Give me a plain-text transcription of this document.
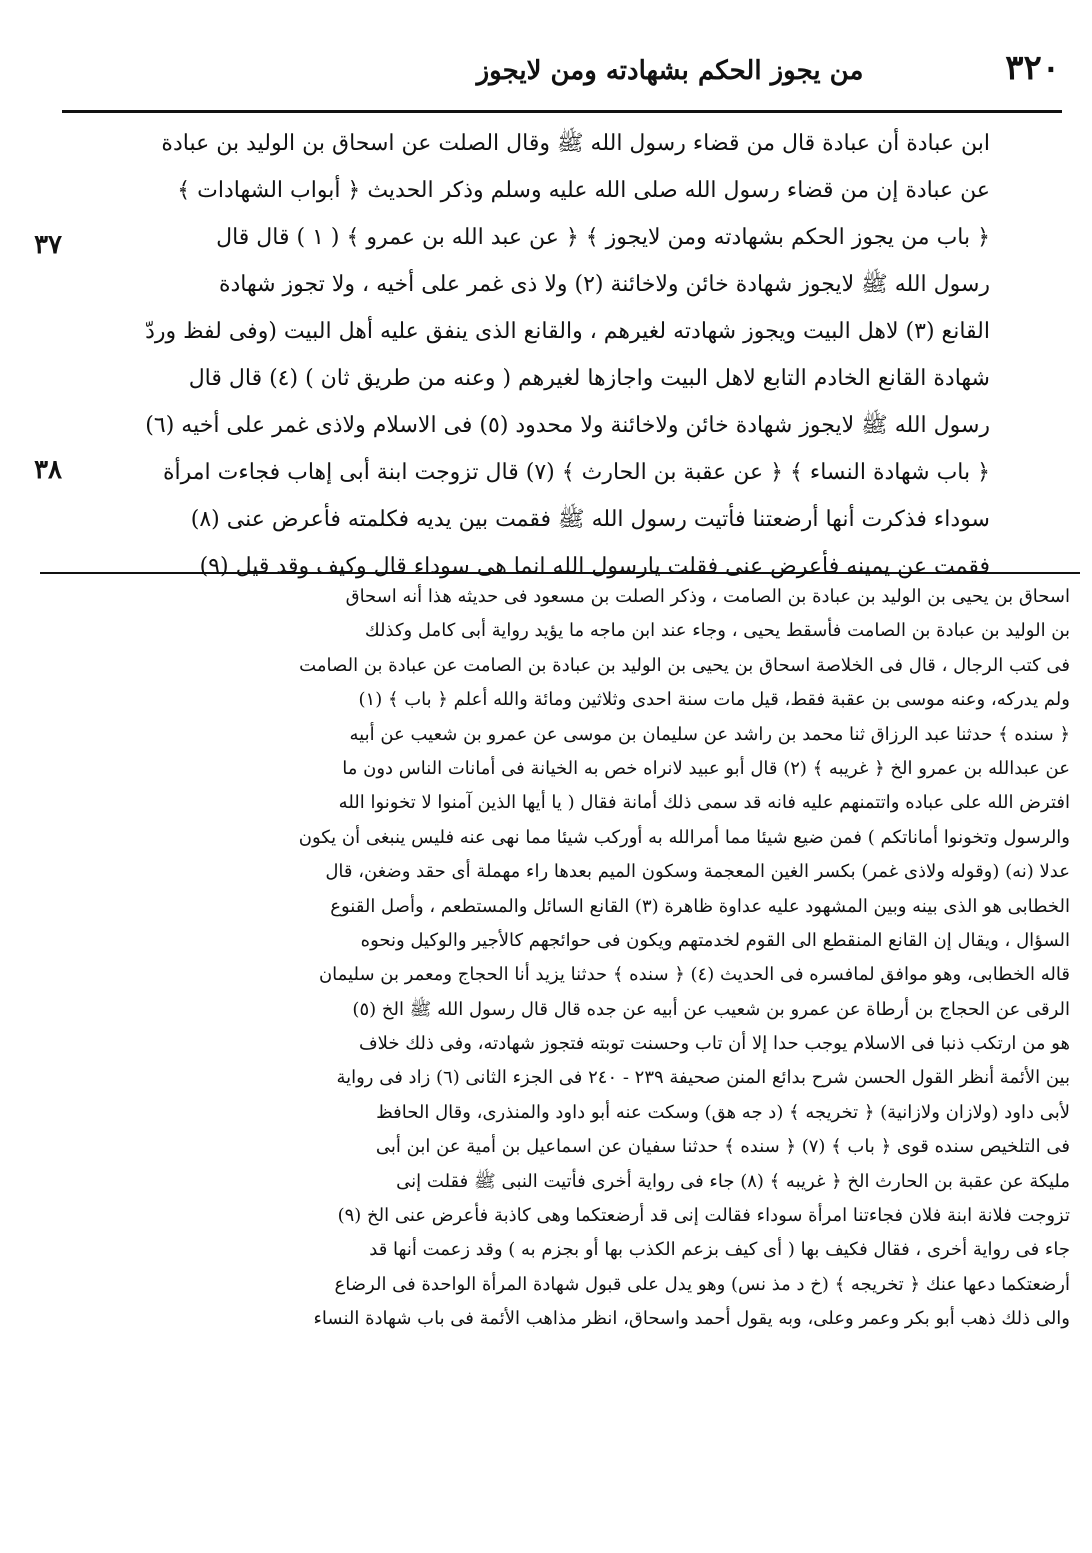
٣٢٠
من يجوز الحكم بشهادته ومن لايجوز
٣٧
٣٨
ابن عبادة أن عبادة قال من قضاء رسول الله ﷺ وقال الصلت عن اسحاق بن الوليد بن عبادة
عن عبادة إن من قضاء رسول الله صلى الله عليه وسلم وذكر الحديث ﴿ أبواب الشهادات ﴾
﴿ باب من يجوز الحكم بشهادته ومن لايجوز ﴾ ﴿ عن عبد الله بن عمرو ﴾ ( ١ ) قال قال
رسول الله ﷺ لايجوز شهادة خائن ولاخائنة (٢) ولا ذى غمر على أخيه ، ولا تجوز شهادة
القانع (٣) لاهل البيت ويجوز شهادته لغيرهم ، والقانع الذى ينفق عليه أهل البيت (وفى لفظ وردّ
شهادة القانع الخادم التابع لاهل البيت واجازها لغيرهم ( وعنه من طريق ثان ) (٤) قال قال
رسول الله ﷺ لايجوز شهادة خائن ولاخائنة ولا محدود (٥) فى الاسلام ولاذى غمر على أخيه (٦)
﴿ باب شهادة النساء ﴾ ﴿ عن عقبة بن الحارث ﴾ (٧) قال تزوجت ابنة أبى إهاب فجاءت امرأة
سوداء فذكرت أنها أرضعتنا فأتيت رسول الله ﷺ فقمت بين يديه فكلمته فأعرض عنى (٨)
فقمت عن يمينه فأعرض عنى فقلت يارسول الله انما هى سوداء قال وكيف وقد قيل (٩)
اسحاق بن يحيى بن الوليد بن عبادة بن الصامت ، وذكر الصلت بن مسعود فى حديثه هذا أنه اسحاق
بن الوليد بن عبادة بن الصامت فأسقط يحيى ، وجاء عند ابن ماجه ما يؤيد رواية أبى كامل وكذلك
فى كتب الرجال ، قال فى الخلاصة اسحاق بن يحيى بن الوليد بن عبادة بن الصامت عن عبادة بن الصامت
ولم يدركه، وعنه موسى بن عقبة فقط، قيل مات سنة احدى وثلاثين ومائة والله أعلم ﴿ باب ﴾ (١)
﴿ سنده ﴾ حدثنا عبد الرزاق ثنا محمد بن راشد عن سليمان بن موسى عن عمرو بن شعيب عن أبيه
عن عبدالله بن عمرو الخ ﴿ غريبه ﴾ (٢) قال أبو عبيد لانراه خص به الخيانة فى أمانات الناس دون ما
افترض الله على عباده واتتمنهم عليه فانه قد سمى ذلك أمانة فقال ( يا أيها الذين آمنوا لا تخونوا الله
والرسول وتخونوا أماناتكم ) فمن ضيع شيئا مما أمرالله به أوركب شيئا مما نهى عنه فليس ينبغى أن يكون
عدلا (نه) (وقوله ولاذى غمر) بكسر الغين المعجمة وسكون الميم بعدها راء مهملة أى حقد وضغن، قال
الخطابى هو الذى بينه وبين المشهود عليه عداوة ظاهرة (٣) القانع السائل والمستطعم ، وأصل القنوع
السؤال ، ويقال إن القانع المنقطع الى القوم لخدمتهم ويكون فى حوائجهم كالأجير والوكيل ونحوه
قاله الخطابى، وهو موافق لمافسره فى الحديث (٤) ﴿ سنده ﴾ حدثنا يزيد أنا الحجاج ومعمر بن سليمان
الرقى عن الحجاج بن أرطاة عن عمرو بن شعيب عن أبيه عن جده قال قال رسول الله ﷺ الخ (٥)
هو من ارتكب ذنبا فى الاسلام يوجب حدا إلا أن تاب وحسنت توبته فتجوز شهادته، وفى ذلك خلاف
بين الأئمة أنظر القول الحسن شرح بدائع المنن صحيفة ٢٣٩ - ٢٤٠ فى الجزء الثانى (٦) زاد فى رواية
لأبى داود (ولازان ولازانية) ﴿ تخريجه ﴾ (د جه هق) وسكت عنه أبو داود والمنذرى، وقال الحافظ
فى التلخيص سنده قوى ﴿ باب ﴾ (٧) ﴿ سنده ﴾ حدثنا سفيان عن اسماعيل بن أمية عن ابن أبى
مليكة عن عقبة بن الحارث الخ ﴿ غريبه ﴾ (٨) جاء فى رواية أخرى فأتيت النبى ﷺ فقلت إنى
تزوجت فلانة ابنة فلان فجاءتنا امرأة سوداء فقالت إنى قد أرضعتكما وهى كاذبة فأعرض عنى الخ (٩)
جاء فى رواية أخرى ، فقال فكيف بها ( أى كيف بزعم الكذب بها أو بجزم به ) وقد زعمت أنها قد
أرضعتكما دعها عنك ﴿ تخريجه ﴾ (خ د مذ نس) وهو يدل على قبول شهادة المرأة الواحدة فى الرضاع
والى ذلك ذهب أبو بكر وعمر وعلى، وبه يقول أحمد واسحاق، انظر مذاهب الأئمة فى باب شهادة النساء
